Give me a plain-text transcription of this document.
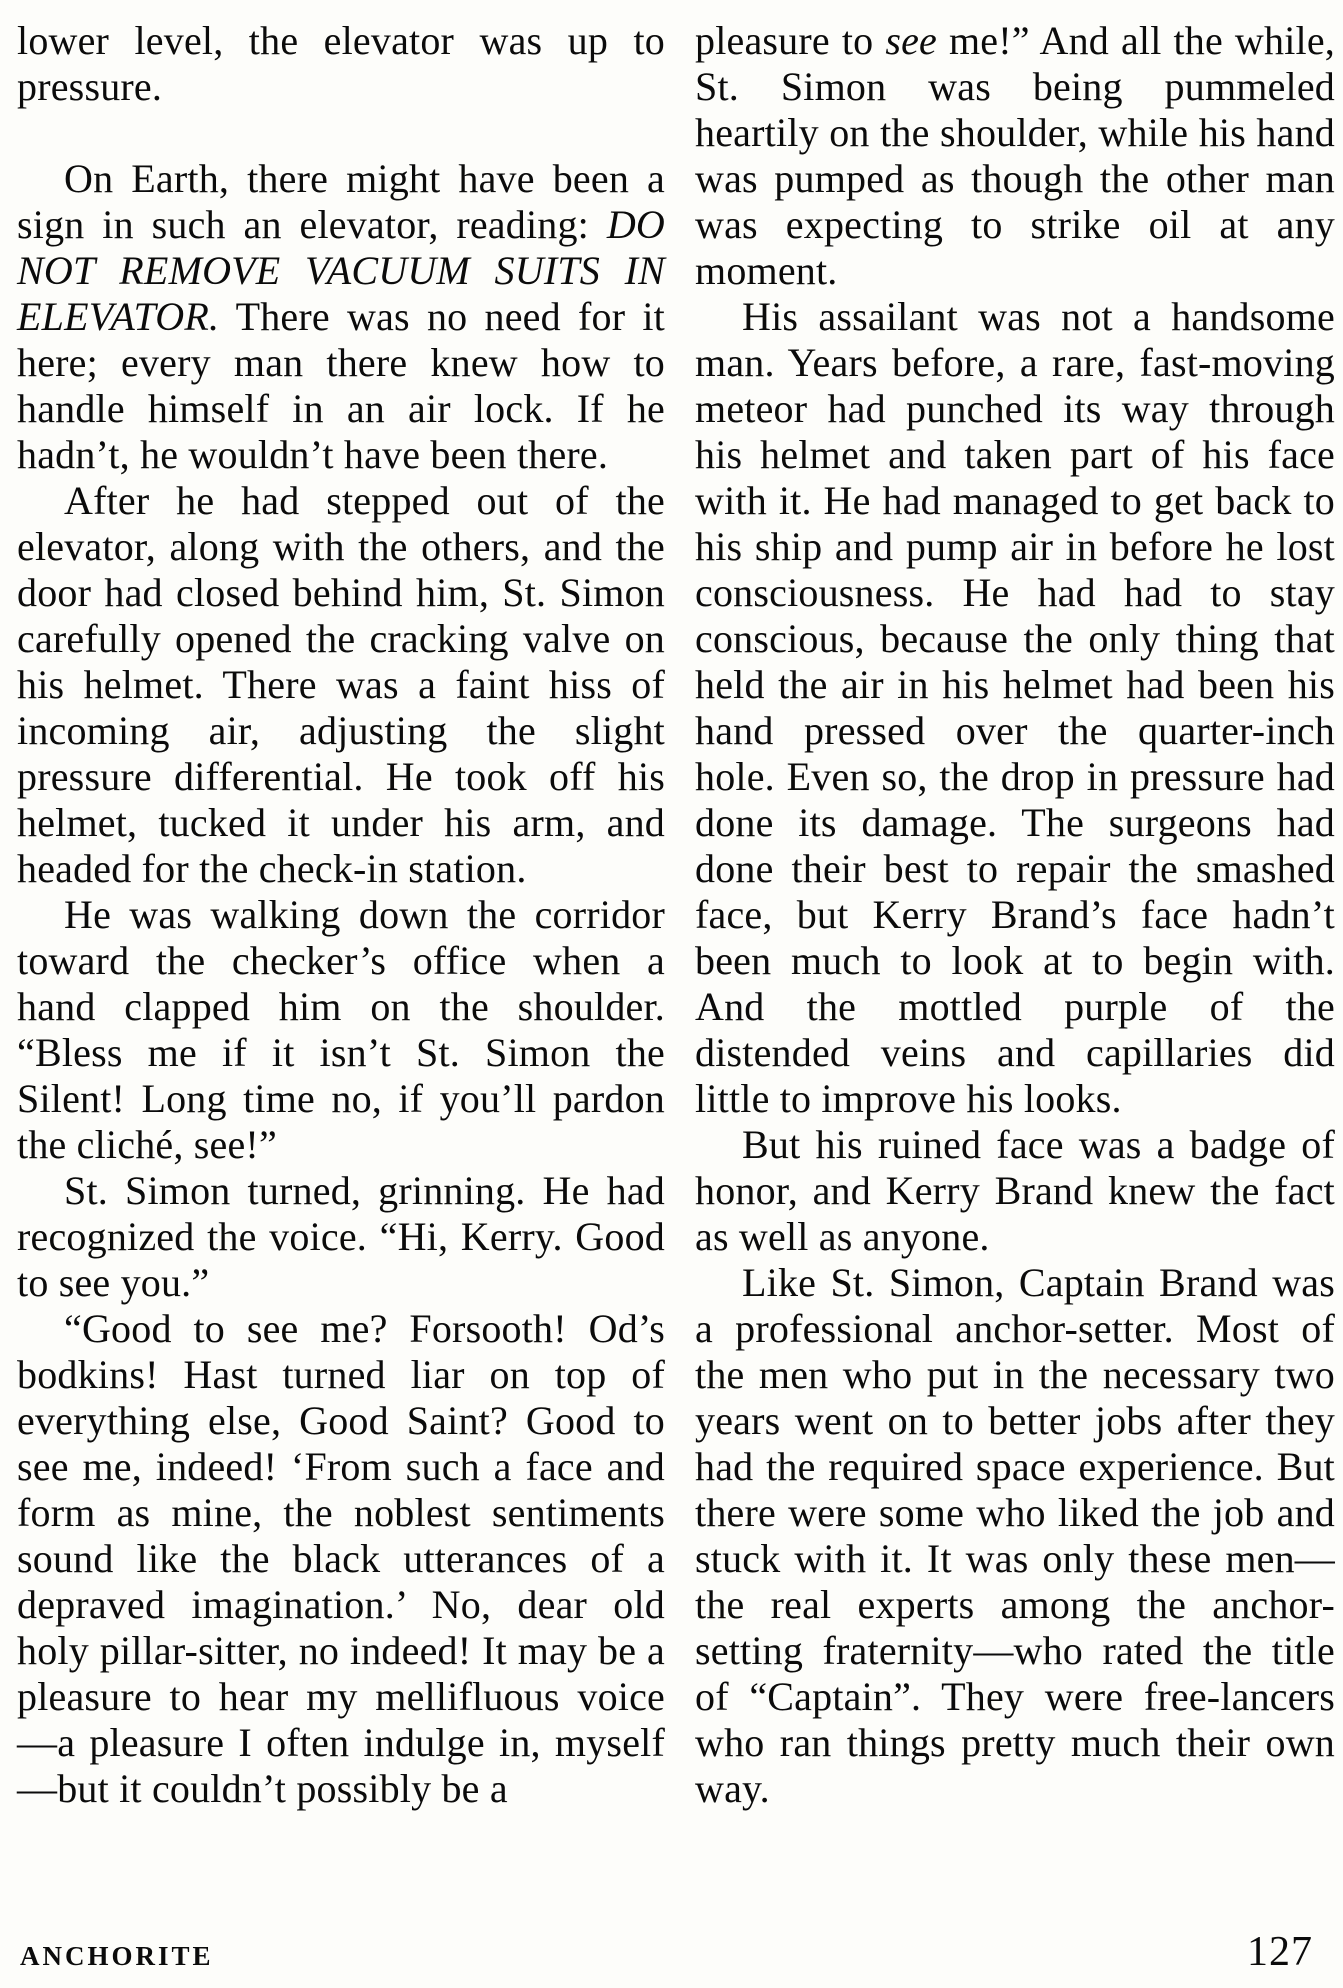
lower level, the elevator was up to pressure.

On Earth, there might have been a sign in such an elevator, reading: DO NOT REMOVE VACUUM SUITS IN ELEVATOR. There was no need for it here; every man there knew how to handle himself in an air lock. If he hadn’t, he wouldn’t have been there.

After he had stepped out of the elevator, along with the others, and the door had closed behind him, St. Simon carefully opened the cracking valve on his helmet. There was a faint hiss of incoming air, adjusting the slight pressure differential. He took off his helmet, tucked it under his arm, and headed for the check-in station.

He was walking down the corridor toward the checker’s office when a hand clapped him on the shoulder. “Bless me if it isn’t St. Simon the Silent! Long time no, if you’ll pardon the cliché, see!”

St. Simon turned, grinning. He had recognized the voice. “Hi, Kerry. Good to see you.”

“Good to see me? Forsooth! Od’s bodkins! Hast turned liar on top of everything else, Good Saint? Good to see me, indeed! ‘From such a face and form as mine, the noblest sentiments sound like the black utterances of a depraved imagination.’ No, dear old holy pillar-sitter, no indeed! It may be a pleasure to hear my mellifluous voice—a pleasure I often indulge in, myself—but it couldn’t possibly be a

pleasure to see me!” And all the while, St. Simon was being pummeled heartily on the shoulder, while his hand was pumped as though the other man was expecting to strike oil at any moment.

His assailant was not a handsome man. Years before, a rare, fast-moving meteor had punched its way through his helmet and taken part of his face with it. He had managed to get back to his ship and pump air in before he lost consciousness. He had had to stay conscious, because the only thing that held the air in his helmet had been his hand pressed over the quarter-inch hole. Even so, the drop in pressure had done its damage. The surgeons had done their best to repair the smashed face, but Kerry Brand’s face hadn’t been much to look at to begin with. And the mottled purple of the distended veins and capillaries did little to improve his looks.

But his ruined face was a badge of honor, and Kerry Brand knew the fact as well as anyone.

Like St. Simon, Captain Brand was a professional anchor-setter. Most of the men who put in the necessary two years went on to better jobs after they had the required space experience. But there were some who liked the job and stuck with it. It was only these men—the real experts among the anchor-setting fraternity—who rated the title of “Captain”. They were free-lancers who ran things pretty much their own way.

ANCHORITE	127
